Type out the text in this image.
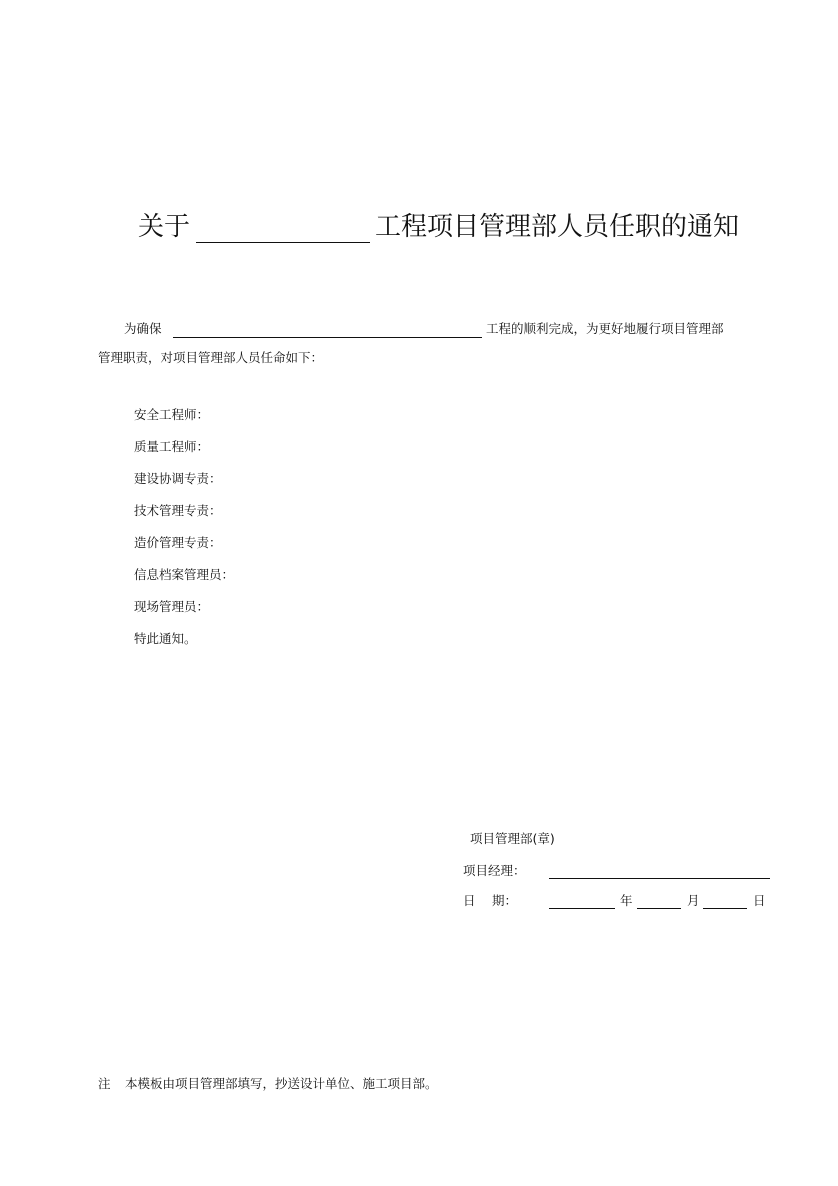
关于	工程项目管理部人员任职的通知
为确保	工程的顺利完成，为更好地履行项目管理部
管理职责，对项目管理部人员任命如下：
安全工程师：
质量工程师：
建设协调专责：
技术管理专责：
造价管理专责：
信息档案管理员：
现场管理员：
特此通知。
项目管理部(章)
项目经理：
日　 期：	年	月	日
注 本模板由项目管理部填写，抄送设计单位、施工项目部。
